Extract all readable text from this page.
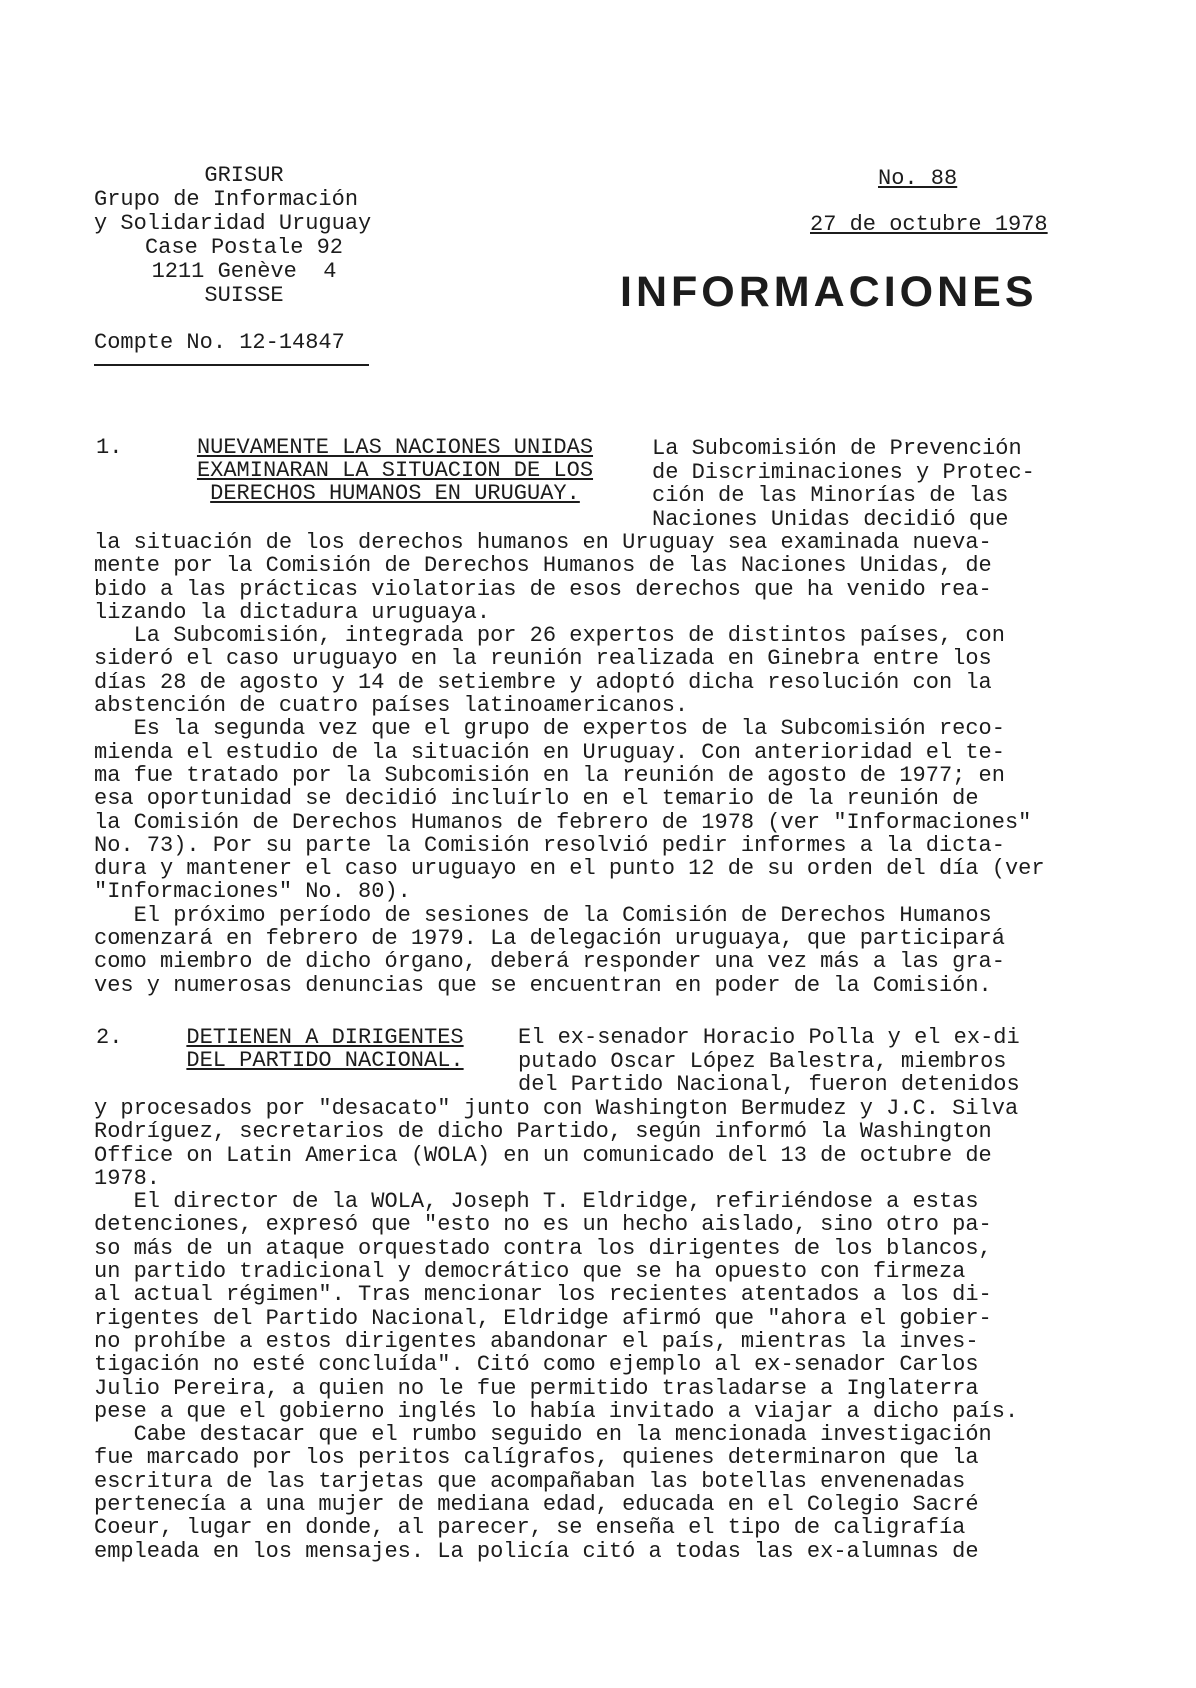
GRISUR
Grupo de Información
y Solidaridad Uruguay
Case Postale 92
1211 Genève  4
SUISSE
Compte No. 12-14847
No. 88
27 de octubre 1978
INFORMACIONES
1.	NUEVAMENTE LAS NACIONES UNIDAS
EXAMINARAN LA SITUACION DE LOS
DERECHOS HUMANOS EN URUGUAY.
La Subcomisión de Prevención
de Discriminaciones y Protec-
ción de las Minorías de las
Naciones Unidas decidió que
la situación de los derechos humanos en Uruguay sea examinada nueva-
mente por la Comisión de Derechos Humanos de las Naciones Unidas, de
bido a las prácticas violatorias de esos derechos que ha venido rea-
lizando la dictadura uruguaya.
La Subcomisión, integrada por 26 expertos de distintos países, con
sideró el caso uruguayo en la reunión realizada en Ginebra entre los
días 28 de agosto y 14 de setiembre y adoptó dicha resolución con la
abstención de cuatro países latinoamericanos.
Es la segunda vez que el grupo de expertos de la Subcomisión reco-
mienda el estudio de la situación en Uruguay. Con anterioridad el te-
ma fue tratado por la Subcomisión en la reunión de agosto de 1977; en
esa oportunidad se decidió incluírlo en el temario de la reunión de
la Comisión de Derechos Humanos de febrero de 1978 (ver "Informaciones"
No. 73). Por su parte la Comisión resolvió pedir informes a la dicta-
dura y mantener el caso uruguayo en el punto 12 de su orden del día (ver
"Informaciones" No. 80).
El próximo período de sesiones de la Comisión de Derechos Humanos
comenzará en febrero de 1979. La delegación uruguaya, que participará
como miembro de dicho órgano, deberá responder una vez más a las gra-
ves y numerosas denuncias que se encuentran en poder de la Comisión.
2.	DETIENEN A DIRIGENTES
DEL PARTIDO NACIONAL.
El ex-senador Horacio Polla y el ex-di
putado Oscar López Balestra, miembros
del Partido Nacional, fueron detenidos
y procesados por "desacato" junto con Washington Bermudez y J.C. Silva
Rodríguez, secretarios de dicho Partido, según informó la Washington
Office on Latin America (WOLA) en un comunicado del 13 de octubre de
1978.
El director de la WOLA, Joseph T. Eldridge, refiriéndose a estas
detenciones, expresó que "esto no es un hecho aislado, sino otro pa-
so más de un ataque orquestado contra los dirigentes de los blancos,
un partido tradicional y democrático que se ha opuesto con firmeza
al actual régimen". Tras mencionar los recientes atentados a los di-
rigentes del Partido Nacional, Eldridge afirmó que "ahora el gobier-
no prohíbe a estos dirigentes abandonar el país, mientras la inves-
tigación no esté concluída". Citó como ejemplo al ex-senador Carlos
Julio Pereira, a quien no le fue permitido trasladarse a Inglaterra
pese a que el gobierno inglés lo había invitado a viajar a dicho país.
Cabe destacar que el rumbo seguido en la mencionada investigación
fue marcado por los peritos calígrafos, quienes determinaron que la
escritura de las tarjetas que acompañaban las botellas envenenadas
pertenecía a una mujer de mediana edad, educada en el Colegio Sacré
Coeur, lugar en donde, al parecer, se enseña el tipo de caligrafía
empleada en los mensajes. La policía citó a todas las ex-alumnas de
